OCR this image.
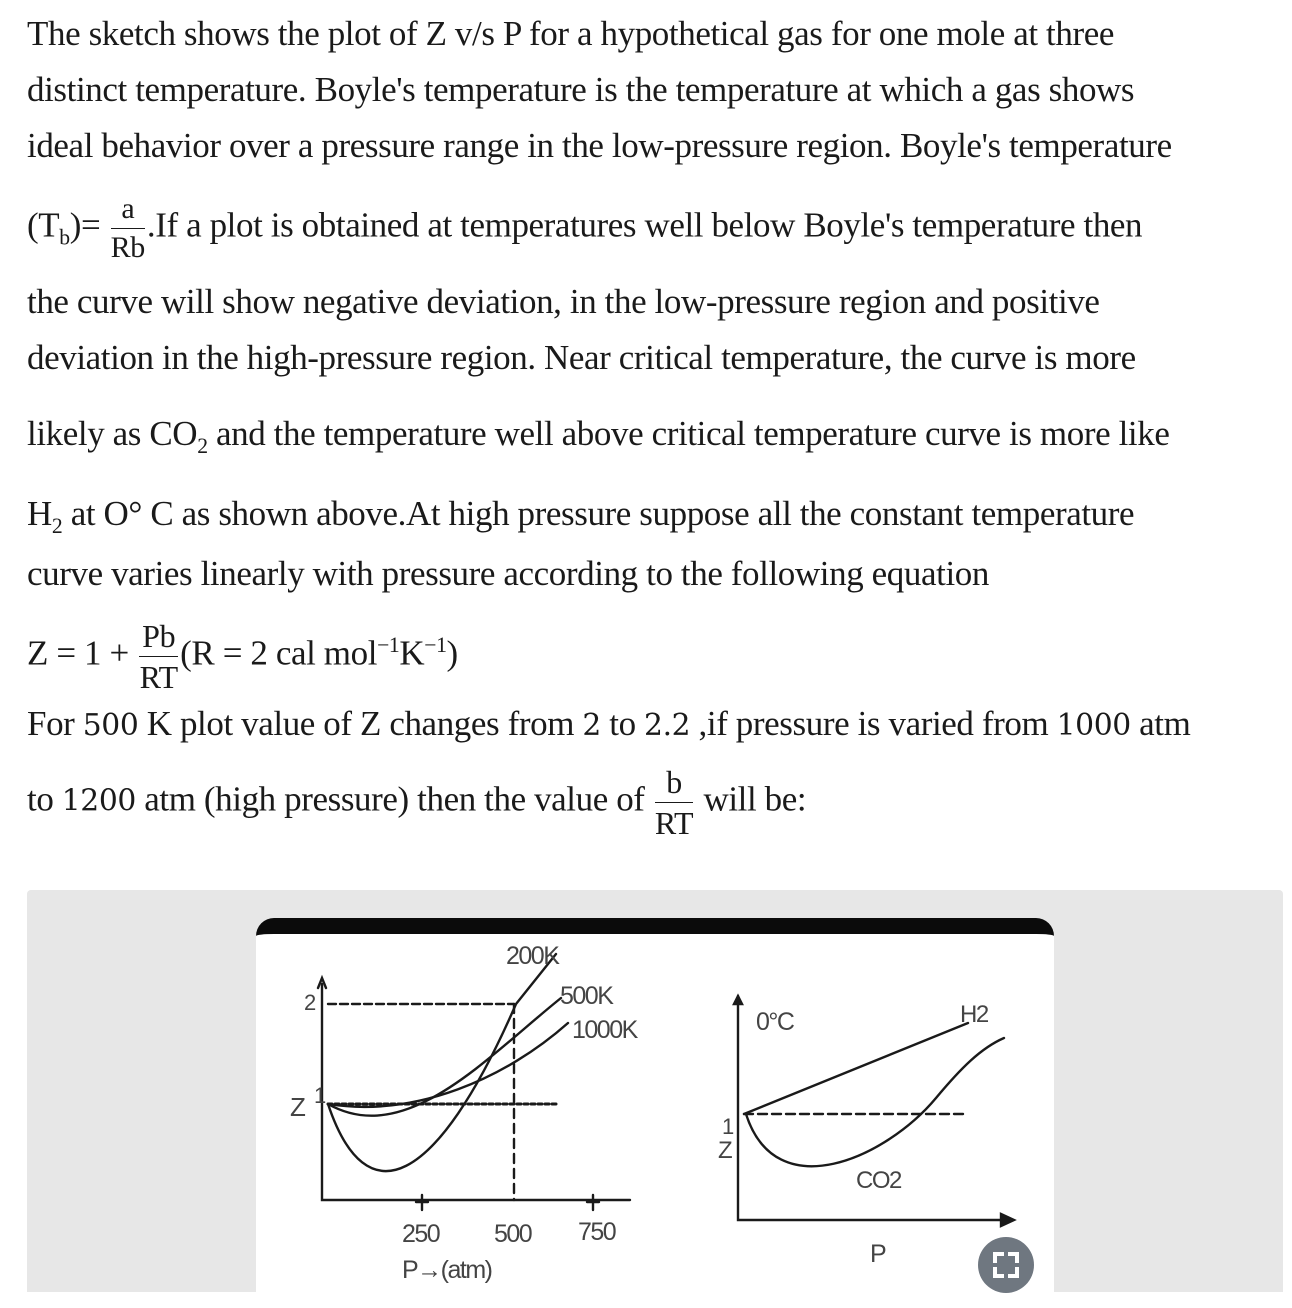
The sketch shows the plot of Z v/s P for a hypothetical gas for one mole at three
distinct temperature. Boyle's temperature is the temperature at which a gas shows
ideal behavior over a pressure range in the low-pressure region. Boyle's temperature
$(T_b)= \frac{a}{Rb} .If$ a plot is obtained at temperatures well below Boyle's temperature then
the curve will show negative deviation, in the low-pressure region and positive
deviation in the high-pressure region. Near critical temperature, the curve is more
likely as $CO_2$ and the temperature well above critical temperature curve is more like
$H_2$ at O° C as shown above.At high pressure suppose all the constant temperature
curve varies linearly with pressure according to the following equation
$Z = 1 + \frac{Pb}{RT} (R = 2$ cal $mol^{-1}K^{-1}$)
For 500 K plot value of Z changes from 2 to 2.2 ,if pressure is varied from 1000 atm
to 1200 atm (high pressure) then the value of $\frac{b}{RT}$ will be:
200K
500K
1000K
2
1
Z
250 500 750
P→(atm)
0°C	H2
CO2
1
Z
P
